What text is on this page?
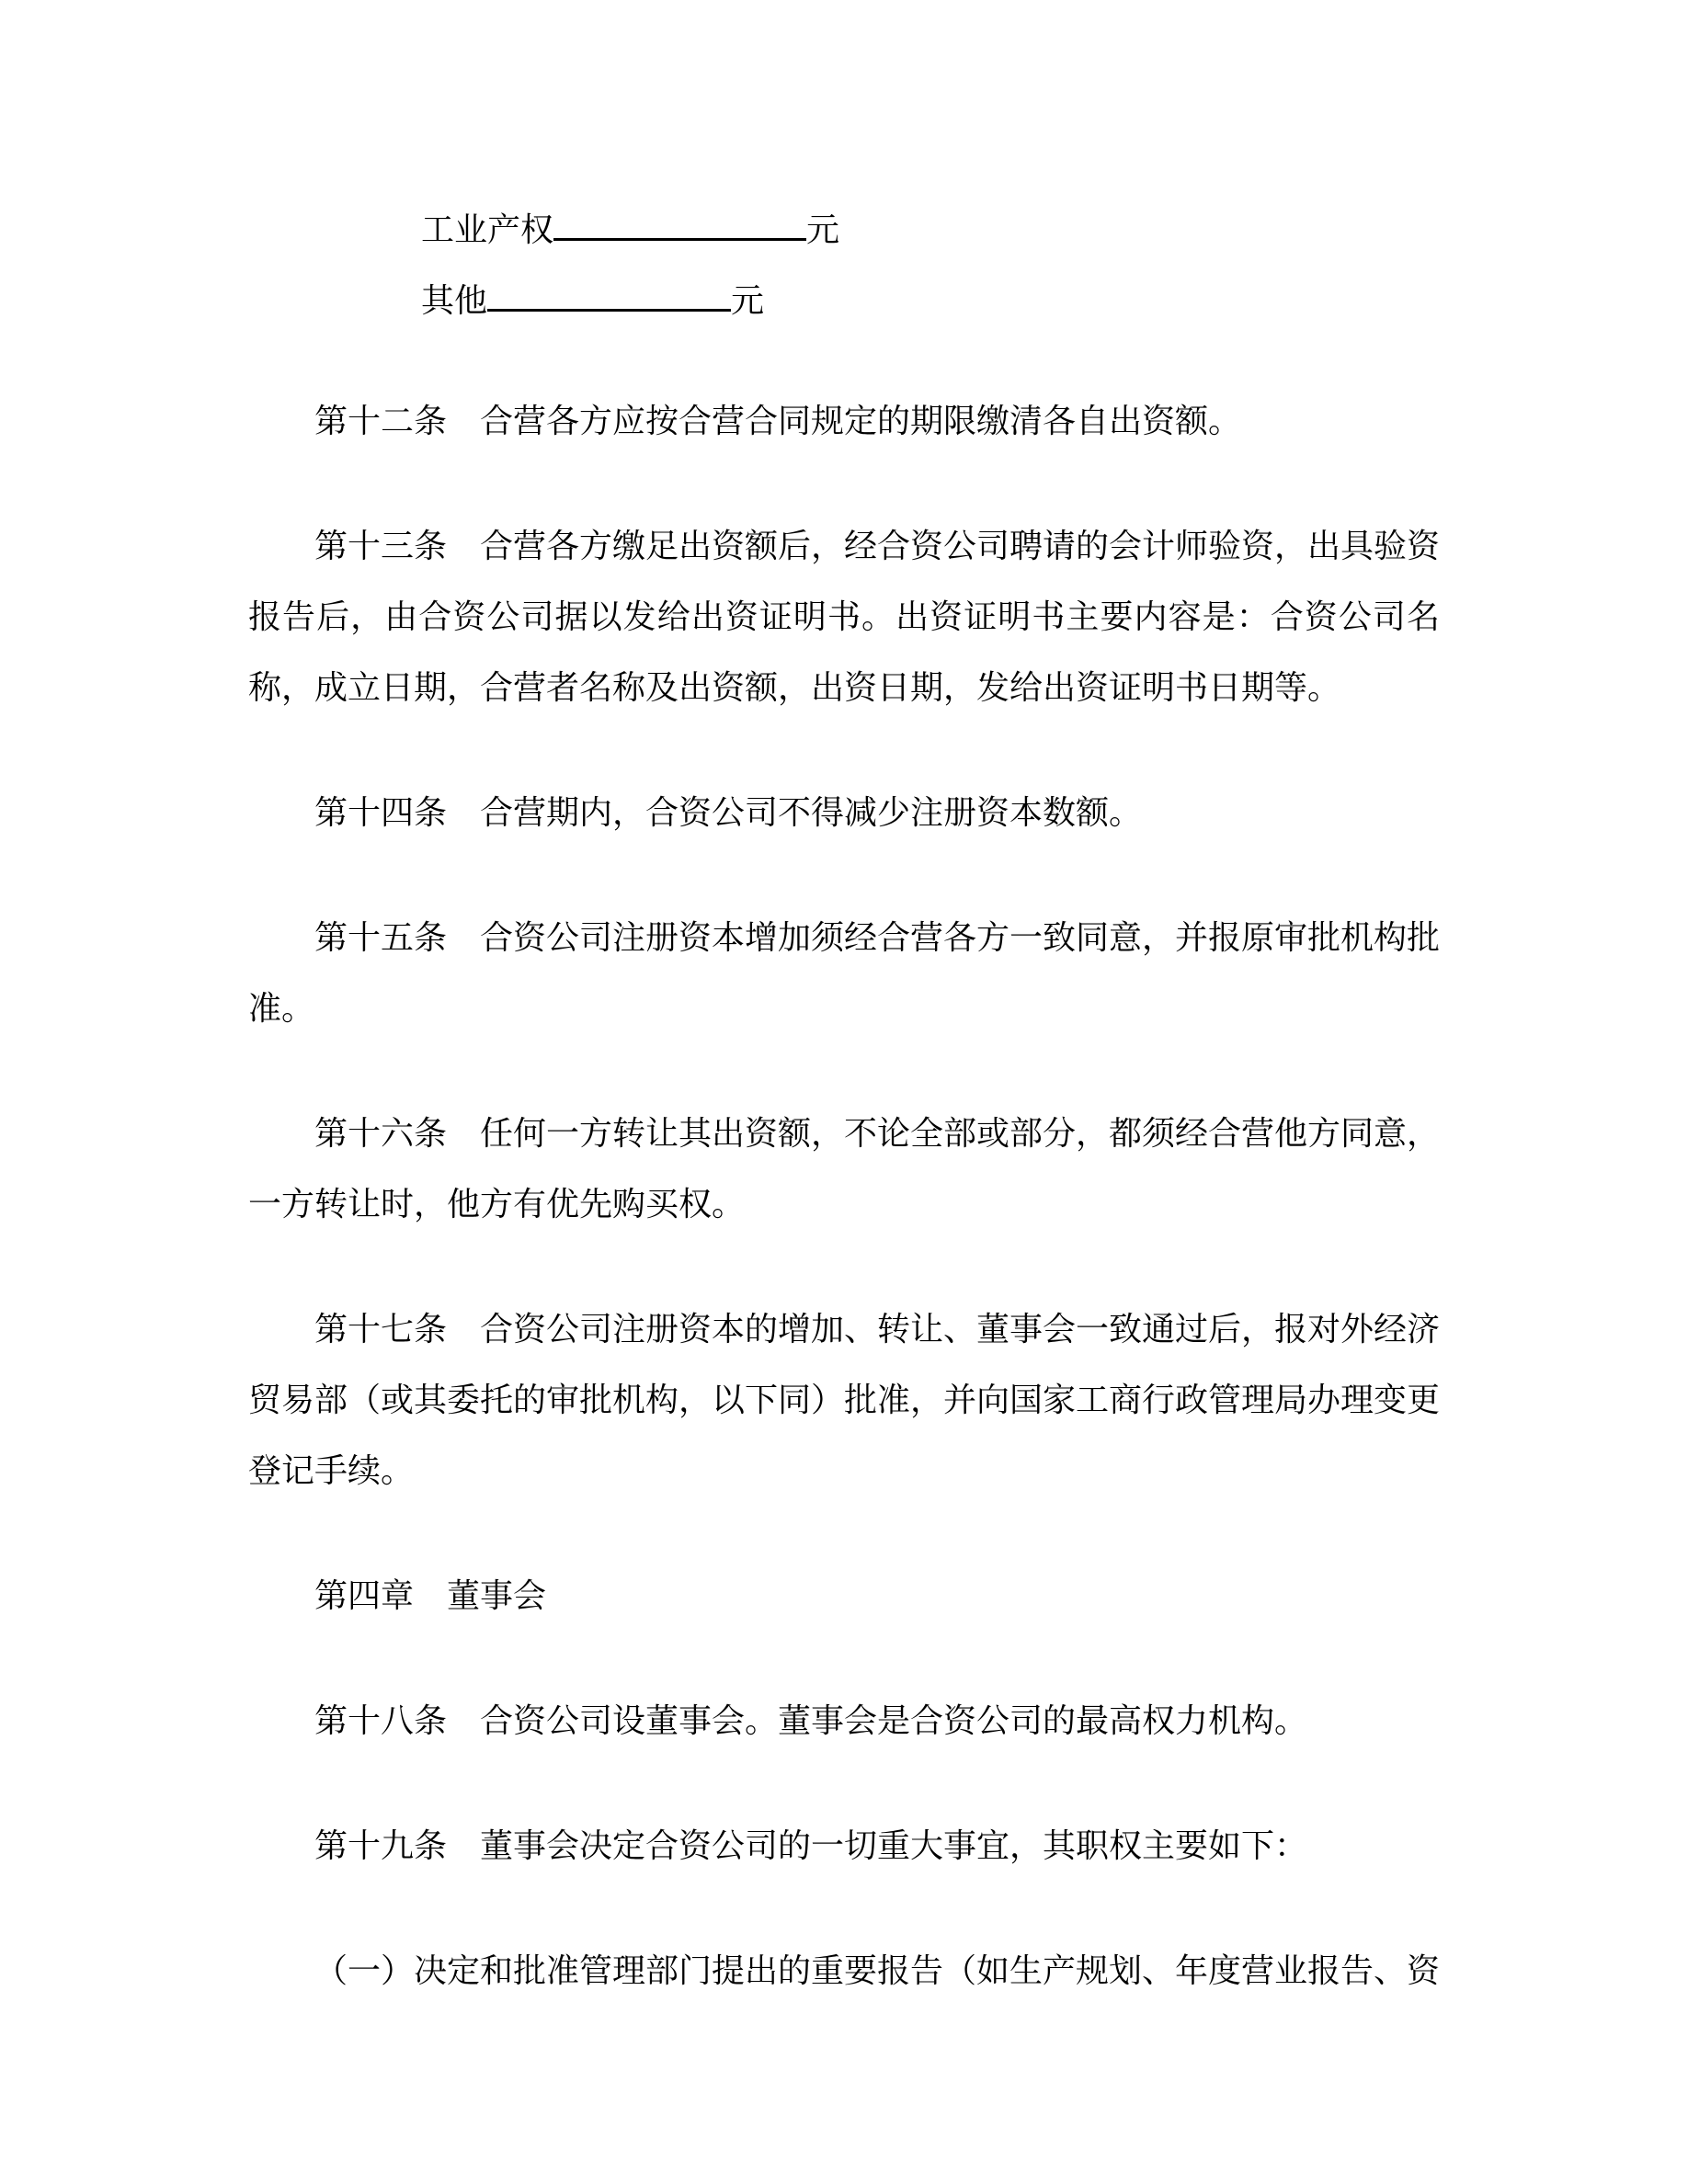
工业产权	元
其他	元

第十二条　合营各方应按合营合同规定的期限缴清各自出资额。

第十三条　合营各方缴足出资额后，经合资公司聘请的会计师验资，出具验资报告后，由合资公司据以发给出资证明书。出资证明书主要内容是：合资公司名称，成立日期，合营者名称及出资额，出资日期，发给出资证明书日期等。

第十四条　合营期内，合资公司不得减少注册资本数额。

第十五条　合资公司注册资本增加须经合营各方一致同意，并报原审批机构批准。

第十六条　任何一方转让其出资额，不论全部或部分，都须经合营他方同意，一方转让时，他方有优先购买权。

第十七条　合资公司注册资本的增加、转让、董事会一致通过后，报对外经济贸易部（或其委托的审批机构，以下同）批准，并向国家工商行政管理局办理变更登记手续。

第四章　董事会

第十八条　合资公司设董事会。董事会是合资公司的最高权力机构。

第十九条　董事会决定合资公司的一切重大事宜，其职权主要如下：

（一）决定和批准管理部门提出的重要报告（如生产规划、年度营业报告、资
